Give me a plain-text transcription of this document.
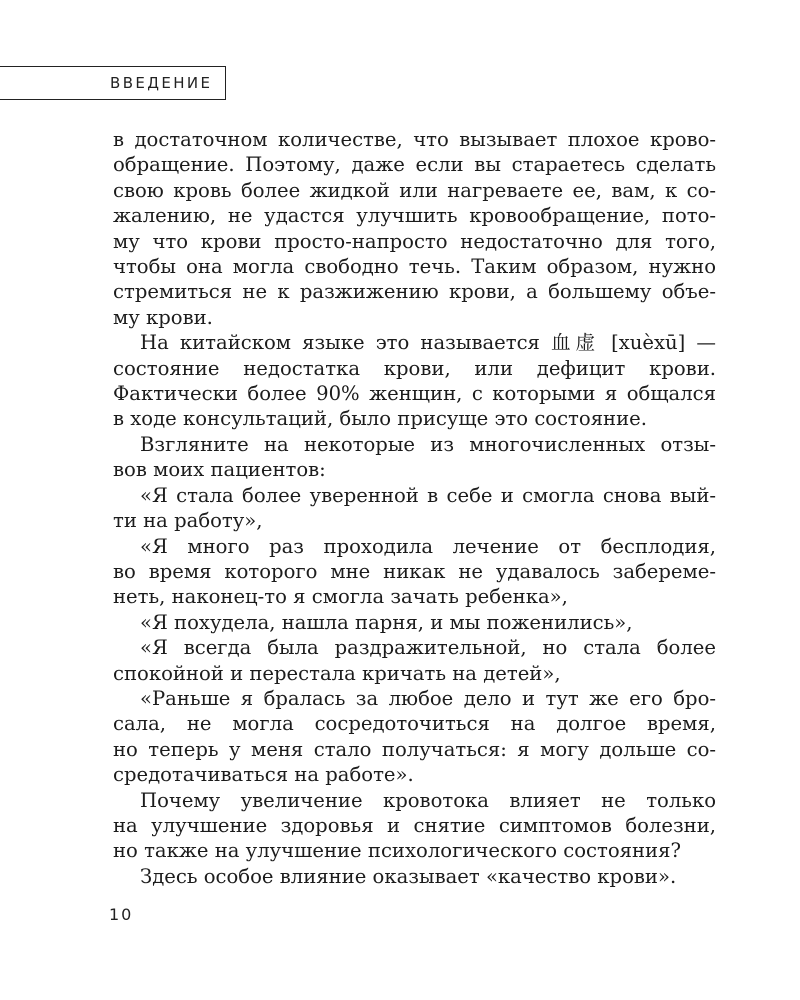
ВВЕДЕНИЕ
в достаточном количестве, что вызывает плохое крово-
обращение. Поэтому, даже если вы стараетесь сделать
свою кровь более жидкой или нагреваете ее, вам, к со-
жалению, не удастся улучшить кровообращение, пото-
му что крови просто-напросто недостаточно для того,
чтобы она могла свободно течь. Таким образом, нужно
стремиться не к разжижению крови, а большему объе-
му крови.
На китайском языке это называется 血虚 [xuèxū] —
состояние недостатка крови, или дефицит крови.
Фактически более 90% женщин, с которыми я общался
в ходе консультаций, было присуще это состояние.
Взгляните на некоторые из многочисленных отзы-
вов моих пациентов:
«Я стала более уверенной в себе и смогла снова вый-
ти на работу»,
«Я много раз проходила лечение от бесплодия,
во время которого мне никак не удавалось забереме-
неть, наконец-то я смогла зачать ребенка»,
«Я похудела, нашла парня, и мы поженились»,
«Я всегда была раздражительной, но стала более
спокойной и перестала кричать на детей»,
«Раньше я бралась за любое дело и тут же его бро-
сала, не могла сосредоточиться на долгое время,
но теперь у меня стало получаться: я могу дольше со-
средотачиваться на работе».
Почему увеличение кровотока влияет не только
на улучшение здоровья и снятие симптомов болезни,
но также на улучшение психологического состояния?
Здесь особое влияние оказывает «качество крови».
10
